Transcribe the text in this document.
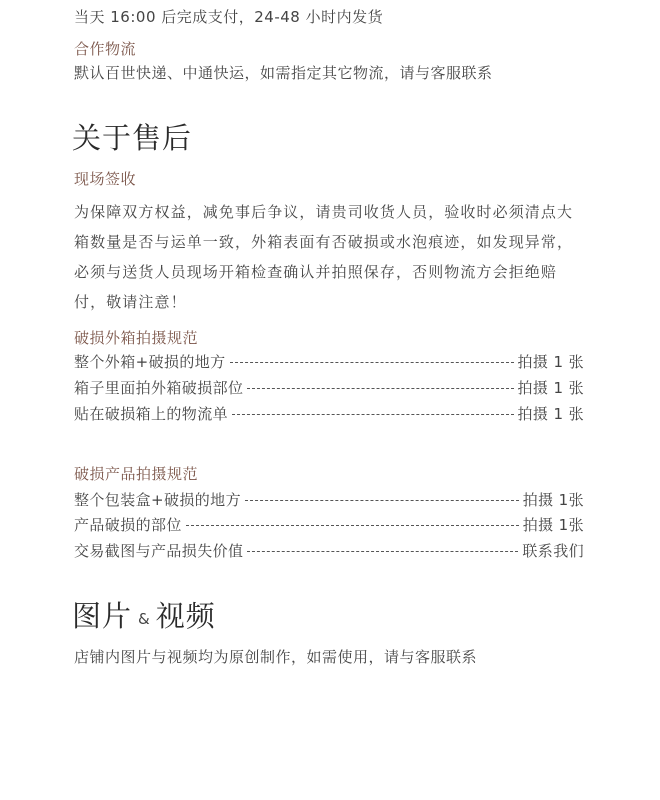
当天 16:00 后完成支付，24-48 小时内发货
合作物流
默认百世快递、中通快运，如需指定其它物流，请与客服联系
关于售后
现场签收
为保障双方权益，减免事后争议，请贵司收货人员，验收时必须清点大箱数量是否与运单一致，外箱表面有否破损或水泡痕迹，如发现异常，必须与送货人员现场开箱检查确认并拍照保存，否则物流方会拒绝赔付，敬请注意！
破损外箱拍摄规范
整个外箱+破损的地方	拍摄 1 张
箱子里面拍外箱破损部位	拍摄 1 张
贴在破损箱上的物流单	拍摄 1 张
破损产品拍摄规范
整个包装盒+破损的地方	拍摄 1张
产品破损的部位	拍摄 1张
交易截图与产品损失价值	联系我们
图片 & 视频
店铺内图片与视频均为原创制作，如需使用，请与客服联系
